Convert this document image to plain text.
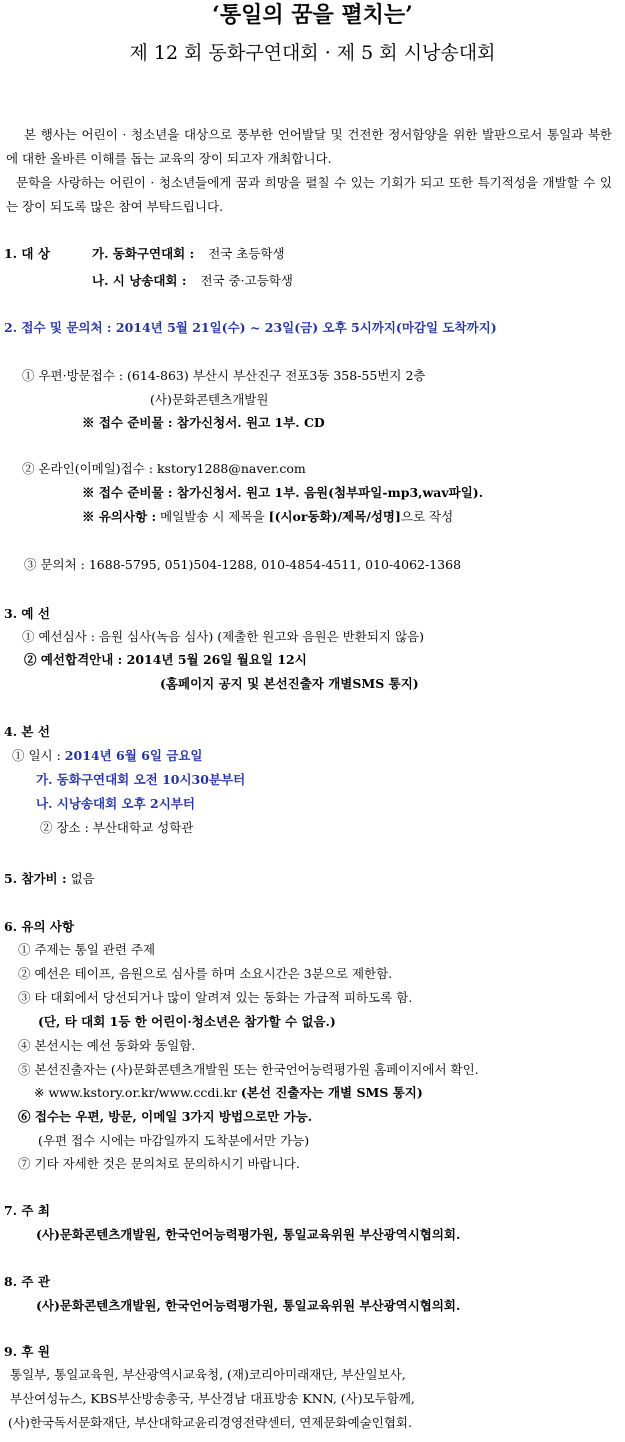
‘통일의 꿈을 펼치는’
제 12 회 동화구연대회 · 제 5 회 시낭송대회
본 행사는 어린이 · 청소년을 대상으로 풍부한 언어발달 및 건전한 정서함양을 위한 발판으로서 통일과 북한에 대한 올바른 이해를 돕는 교육의 장이 되고자 개최합니다.
문학을 사랑하는 어린이 · 청소년들에게 꿈과 희망을 펼칠 수 있는 기회가 되고 또한 특기적성을 개발할 수 있는 장이 되도록 많은 참여 부탁드립니다.
1. 대 상	가. 동화구연대회 : 전국 초등학생
나. 시 낭송대회 : 전국 중·고등학생
2. 접수 및 문의처 : 2014년 5월 21일(수) ~ 23일(금) 오후 5시까지(마감일 도착까지)
① 우편·방문접수 : (614-863) 부산시 부산진구 전포3동 358-55번지 2층
(사)문화콘텐츠개발원
※ 접수 준비물 : 참가신청서. 원고 1부. CD
② 온라인(이메일)접수 : kstory1288@naver.com
※ 접수 준비물 : 참가신청서. 원고 1부. 음원(첨부파일-mp3,wav파일).
※ 유의사항 : 메일발송 시 제목을 [(시or동화)/제목/성명]으로 작성
③ 문의처 : 1688-5795, 051)504-1288, 010-4854-4511, 010-4062-1368
3. 예 선
① 예선심사 : 음원 심사(녹음 심사) (제출한 원고와 음원은 반환되지 않음)
② 예선합격안내 : 2014년 5월 26일 월요일 12시
(홈페이지 공지 및 본선진출자 개별SMS 통지)
4. 본 선
① 일시 : 2014년 6월 6일 금요일
가. 동화구연대회 오전 10시30분부터
나. 시낭송대회 오후 2시부터
② 장소 : 부산대학교 성학관
5. 참가비 : 없음
6. 유의 사항
① 주제는 통일 관련 주제
② 예선은 테이프, 음원으로 심사를 하며 소요시간은 3분으로 제한함.
③ 타 대회에서 당선되거나 많이 알려져 있는 동화는 가급적 피하도록 함.
(단, 타 대회 1등 한 어린이·청소년은 참가할 수 없음.)
④ 본선시는 예선 동화와 동일함.
⑤ 본선진출자는 (사)문화콘텐츠개발원 또는 한국언어능력평가원 홈페이지에서 확인.
※ www.kstory.or.kr/www.ccdi.kr (본선 진출자는 개별 SMS 통지)
⑥ 접수는 우편, 방문, 이메일 3가지 방법으로만 가능.
(우편 접수 시에는 마감일까지 도착분에서만 가능)
⑦ 기타 자세한 것은 문의처로 문의하시기 바랍니다.
7. 주 최
(사)문화콘텐츠개발원, 한국언어능력평가원, 통일교육위원 부산광역시협의회.
8. 주 관
(사)문화콘텐츠개발원, 한국언어능력평가원, 통일교육위원 부산광역시협의회.
9. 후 원
통일부, 통일교육원, 부산광역시교육청, (재)코리아미래재단, 부산일보사,
부산여성뉴스, KBS부산방송총국, 부산경남 대표방송 KNN, (사)모두함께,
(사)한국독서문화재단, 부산대학교윤리경영전략센터, 연제문화예술인협회.
